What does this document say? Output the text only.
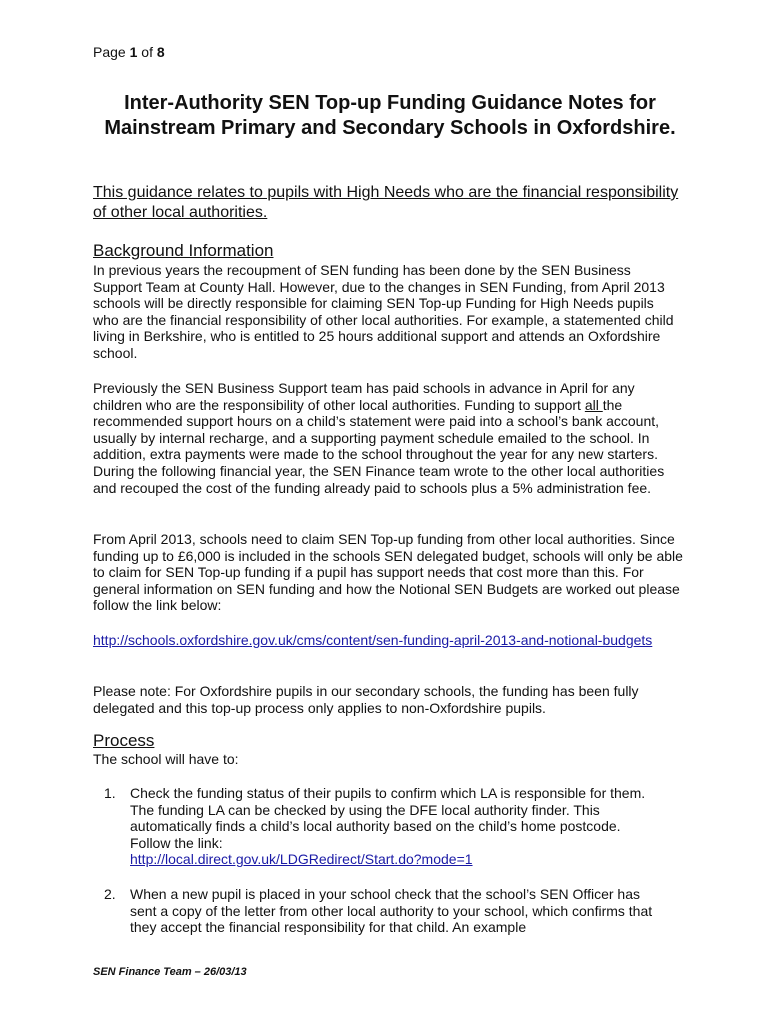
Page 1 of 8
Inter-Authority SEN Top-up Funding Guidance Notes for Mainstream Primary and Secondary Schools in Oxfordshire.
This guidance relates to pupils with High Needs who are the financial responsibility of other local authorities.
Background Information
In previous years the recoupment of SEN funding has been done by the SEN Business Support Team at County Hall. However, due to the changes in SEN Funding, from April 2013 schools will be directly responsible for claiming SEN Top-up Funding for High Needs pupils who are the financial responsibility of other local authorities. For example, a statemented child living in Berkshire, who is entitled to 25 hours additional support and attends an Oxfordshire school.
Previously the SEN Business Support team has paid schools in advance in April for any children who are the responsibility of other local authorities. Funding to support all the recommended support hours on a child’s statement were paid into a school’s bank account, usually by internal recharge, and a supporting payment schedule emailed to the school. In addition, extra payments were made to the school throughout the year for any new starters. During the following financial year, the SEN Finance team wrote to the other local authorities and recouped the cost of the funding already paid to schools plus a 5% administration fee.
From April 2013, schools need to claim SEN Top-up funding from other local authorities. Since funding up to £6,000 is included in the schools SEN delegated budget, schools will only be able to claim for SEN Top-up funding if a pupil has support needs that cost more than this. For general information on SEN funding and how the Notional SEN Budgets are worked out please follow the link below:
http://schools.oxfordshire.gov.uk/cms/content/sen-funding-april-2013-and-notional-budgets
Please note: For Oxfordshire pupils in our secondary schools, the funding has been fully delegated and this top-up process only applies to non-Oxfordshire pupils.
Process
The school will have to:
1. Check the funding status of their pupils to confirm which LA is responsible for them. The funding LA can be checked by using the DFE local authority finder. This automatically finds a child’s local authority based on the child’s home postcode. Follow the link:
http://local.direct.gov.uk/LDGRedirect/Start.do?mode=1
2. When a new pupil is placed in your school check that the school’s SEN Officer has sent a copy of the letter from other local authority to your school, which confirms that they accept the financial responsibility for that child. An example
SEN Finance Team – 26/03/13
